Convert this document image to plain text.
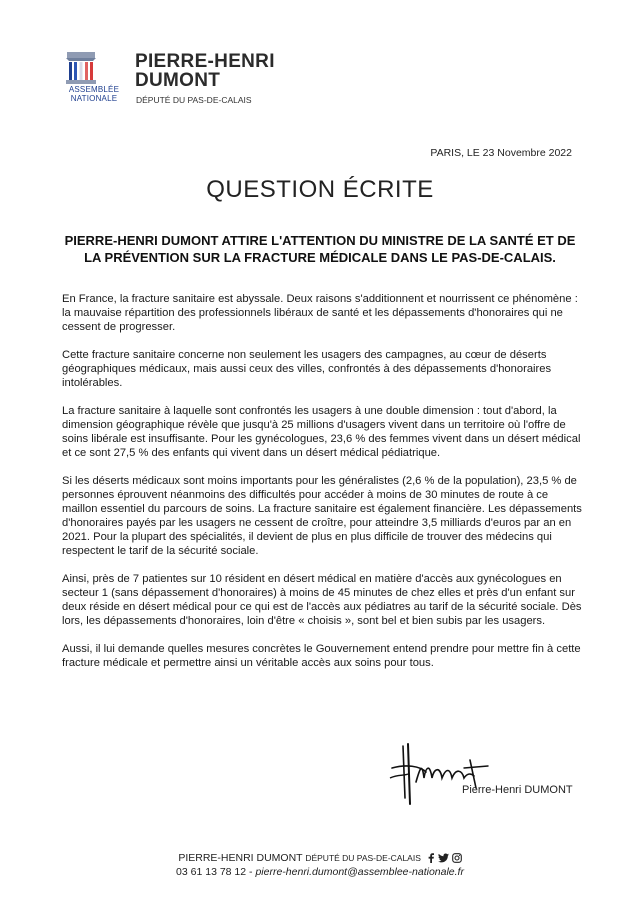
ASSEMBLÉE
NATIONALE
PIERRE-HENRI
DUMONT
DÉPUTÉ DU PAS-DE-CALAIS
PARIS, LE 23 Novembre 2022
QUESTION ÉCRITE
PIERRE-HENRI DUMONT ATTIRE L'ATTENTION DU MINISTRE DE LA SANTÉ ET DE LA PRÉVENTION SUR LA FRACTURE MÉDICALE DANS LE PAS-DE-CALAIS.

En France, la fracture sanitaire est abyssale. Deux raisons s'additionnent et nourrissent ce phénomène : la mauvaise répartition des professionnels libéraux de santé et les dépassements d'honoraires qui ne cessent de progresser.

Cette fracture sanitaire concerne non seulement les usagers des campagnes, au cœur de déserts géographiques médicaux, mais aussi ceux des villes, confrontés à des dépassements d'honoraires intolérables.

La fracture sanitaire à laquelle sont confrontés les usagers à une double dimension : tout d'abord, la dimension géographique révèle que jusqu'à 25 millions d'usagers vivent dans un territoire où l'offre de soins libérale est insuffisante. Pour les gynécologues, 23,6 % des femmes vivent dans un désert médical et ce sont 27,5 % des enfants qui vivent dans un désert médical pédiatrique.

Si les déserts médicaux sont moins importants pour les généralistes (2,6 % de la population), 23,5 % de personnes éprouvent néanmoins des difficultés pour accéder à moins de 30 minutes de route à ce maillon essentiel du parcours de soins. La fracture sanitaire est également financière. Les dépassements d'honoraires payés par les usagers ne cessent de croître, pour atteindre 3,5 milliards d'euros par an en 2021. Pour la plupart des spécialités, il devient de plus en plus difficile de trouver des médecins qui respectent le tarif de la sécurité sociale.

Ainsi, près de 7 patientes sur 10 résident en désert médical en matière d'accès aux gynécologues en secteur 1 (sans dépassement d'honoraires) à moins de 45 minutes de chez elles et près d'un enfant sur deux réside en désert médical pour ce qui est de l'accès aux pédiatres au tarif de la sécurité sociale. Dès lors, les dépassements d'honoraires, loin d'être « choisis », sont bel et bien subis par les usagers.

Aussi, il lui demande quelles mesures concrètes le Gouvernement entend prendre pour mettre fin à cette fracture médicale et permettre ainsi un véritable accès aux soins pour tous.

Pierre-Henri DUMONT
PIERRE-HENRI DUMONT DÉPUTÉ DU PAS-DE-CALAIS
03 61 13 78 12 - pierre-henri.dumont@assemblee-nationale.fr
